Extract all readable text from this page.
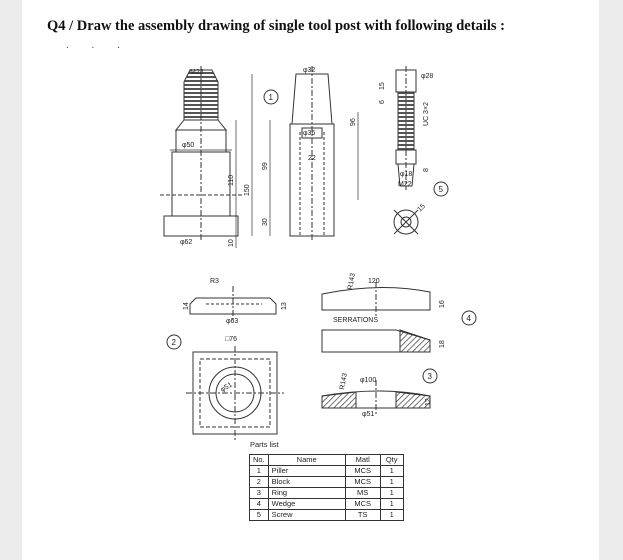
Q4 / Draw the assembly drawing of single tool post with following details :
. . .
M22	φ32
φ50
φ36
22
110
150
99
30
10
φ62
96
1
φ28
15
6
UC 3×2
φ18
8
M22
15
5
R3
14	13
φ63
□76
φ51
2
R143 120
16
SERRATIONS
18
4
R143 φ100
12
φ51
3
Parts list
No.	Name	Matl	Qty
1	Piller	MCS	1
2	Block	MCS	1
3	Ring	MS	1
4	Wedge	MCS	1
5	Screw	TS	1
